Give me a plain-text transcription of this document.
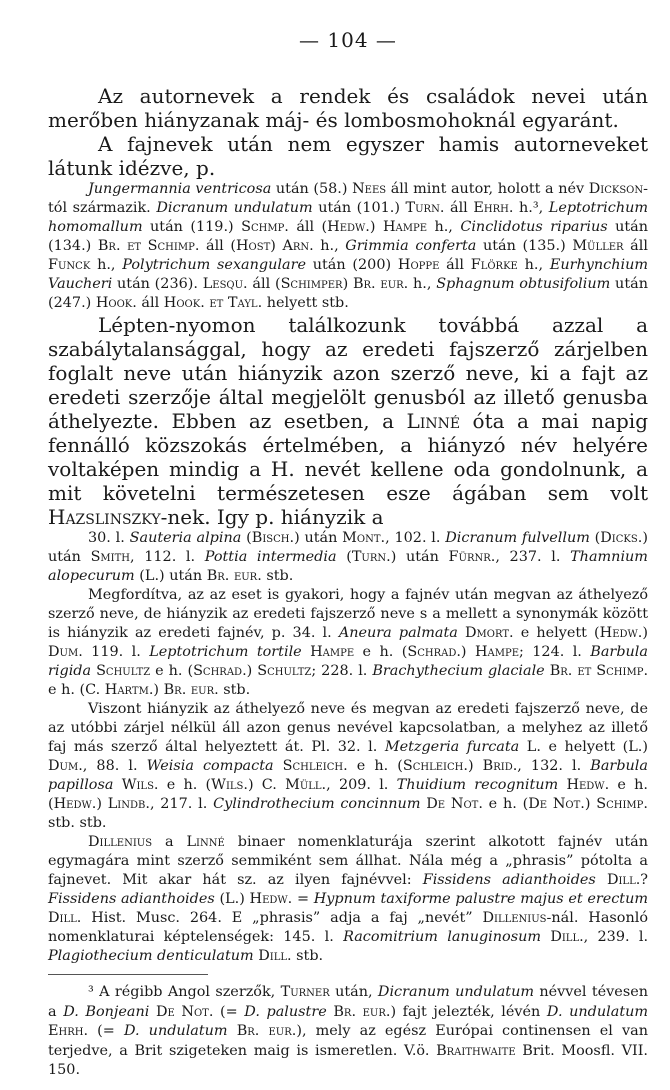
— 104 —

Az autornevek a rendek és családok nevei után merőben hiányzanak máj- és lombosmohoknál egyaránt.

A fajnevek után nem egyszer hamis autorneveket látunk idézve, p.

Jungermannia ventricosa után (58.) Nees áll mint autor, holott a név Dickson-tól származik. Dicranum undulatum után (101.) Turn. áll Ehrh. h.³, Leptotrichum homomallum után (119.) Schmp. áll (Hedw.) Hampe h., Cinclidotus riparius után (134.) Br. et Schimp. áll (Host) Arn. h., Grimmia conferta után (135.) Müller áll Funck h., Polytrichum sexangulare után (200) Hoppe áll Flörke h., Eurhynchium Vaucheri után (236). Lesqu. áll (Schimper) Br. eur. h., Sphagnum obtusifolium után (247.) Hook. áll Hook. et Tayl. helyett stb.

Lépten-nyomon találkozunk továbbá azzal a szabálytalansággal, hogy az eredeti fajszerző zárjelben foglalt neve után hiányzik azon szerző neve, ki a fajt az eredeti szerzője által megjelölt genusból az illető genusba áthelyezte. Ebben az esetben, a Linné óta a mai napig fennálló közszokás értelmében, a hiányzó név helyére voltaképen mindig a H. nevét kellene oda gondolnunk, a mit követelni természetesen esze ágában sem volt Hazslinszky-nek. Igy p. hiányzik a

30. l. Sauteria alpina (Bisch.) után Mont., 102. l. Dicranum fulvellum (Dicks.) után Smith, 112. l. Pottia intermedia (Turn.) után Fürnr., 237. l. Thamnium alopecurum (L.) után Br. eur. stb.

Megfordítva, az az eset is gyakori, hogy a fajnév után megvan az áthelyező szerző neve, de hiányzik az eredeti fajszerző neve s a mellett a synonymák között is hiányzik az eredeti fajnév, p. 34. l. Aneura palmata Dmort. e helyett (Hedw.) Dum. 119. l. Leptotrichum tortile Hampe e h. (Schrad.) Hampe; 124. l. Barbula rigida Schultz e h. (Schrad.) Schultz; 228. l. Brachythecium glaciale Br. et Schimp. e h. (C. Hartm.) Br. eur. stb.

Viszont hiányzik az áthelyező neve és megvan az eredeti fajszerző neve, de az utóbbi zárjel nélkül áll azon genus nevével kapcsolatban, a melyhez az illető faj más szerző által helyeztett át. Pl. 32. l. Metzgeria furcata L. e helyett (L.) Dum., 88. l. Weisia compacta Schleich. e h. (Schleich.) Brid., 132. l. Barbula papillosa Wils. e h. (Wils.) C. Müll., 209. l. Thuidium recognitum Hedw. e h. (Hedw.) Lindb., 217. l. Cylindrothecium concinnum De Not. e h. (De Not.) Schimp. stb. stb.

Dillenius a Linné binaer nomenklaturája szerint alkotott fajnév után egymagára mint szerző semmiként sem állhat. Nála még a „phrasis” pótolta a fajnevet. Mit akar hát sz. az ilyen fajnévvel: Fissidens adianthoides Dill.? Fissidens adianthoides (L.) Hedw. = Hypnum taxiforme palustre majus et erectum Dill. Hist. Musc. 264. E „phrasis” adja a faj „nevét” Dillenius-nál. Hasonló nomenklaturai képtelenségek: 145. l. Racomitrium lanuginosum Dill., 239. l. Plagiothecium denticulatum Dill. stb.

³ A régibb Angol szerzők, Turner után, Dicranum undulatum névvel tévesen a D. Bonjeani De Not. (= D. palustre Br. eur.) fajt jelezték, lévén D. undulatum Ehrh. (= D. undulatum Br. eur.), mely az egész Európai continensen el van terjedve, a Brit szigeteken maig is ismeretlen. V.ö. Braithwaite Brit. Moosfl. VII. 150.
